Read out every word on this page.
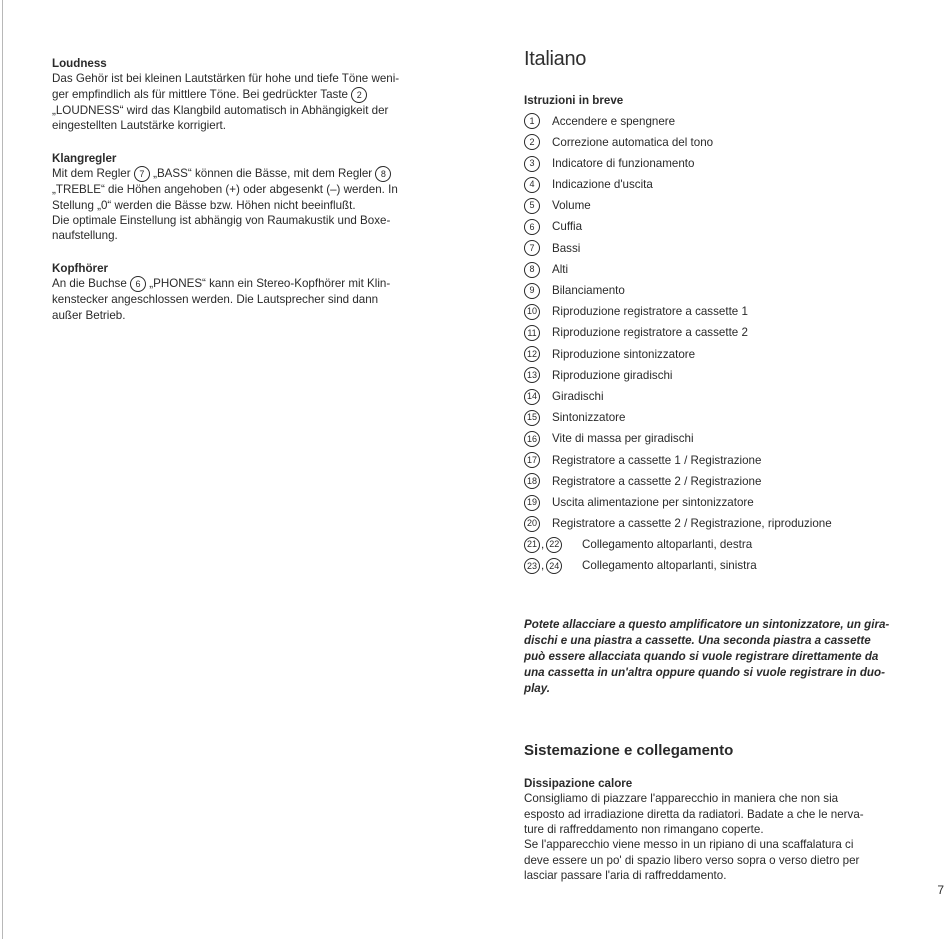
Loudness

Das Gehör ist bei kleinen Lautstärken für hohe und tiefe Töne weni-

ger empfindlich als für mittlere Töne. Bei gedrückter Taste 2

„LOUDNESS“ wird das Klangbild automatisch in Abhängigkeit der

eingestellten Lautstärke korrigiert.

Klangregler

Mit dem Regler 7 „BASS“ können die Bässe, mit dem Regler 8

„TREBLE“ die Höhen angehoben (+) oder abgesenkt (–) werden. In

Stellung „0“ werden die Bässe bzw. Höhen nicht beeinflußt.

Die optimale Einstellung ist abhängig von Raumakustik und Boxe-

naufstellung.

Kopfhörer

An die Buchse 6 „PHONES“ kann ein Stereo-Kopfhörer mit Klin-

kenstecker angeschlossen werden. Die Lautsprecher sind dann

außer Betrieb.

Italiano

Istruzioni in breve

1	Accendere e spengnere
2	Correzione automatica del tono
3	Indicatore di funzionamento
4	Indicazione d'uscita
5	Volume
6	Cuffia
7	Bassi
8	Alti
9	Bilanciamento
10 Riproduzione registratore a cassette 1
11 Riproduzione registratore a cassette 2
12 Riproduzione sintonizzatore
13 Riproduzione giradischi
14 Giradischi
15 Sintonizzatore
16 Vite di massa per giradischi
17 Registratore a cassette 1 / Registrazione
18 Registratore a cassette 2 / Registrazione
19 Uscita alimentazione per sintonizzatore
20 Registratore a cassette 2 / Registrazione, riproduzione
21 , 22 Collegamento altoparlanti, destra
23 , 24 Collegamento altoparlanti, sinistra

Potete allacciare a questo amplificatore un sintonizzatore, un gira-

dischi e una piastra a cassette. Una seconda piastra a cassette

può essere allacciata quando si vuole registrare direttamente da

una cassetta in un'altra oppure quando si vuole registrare in duo-

play.

Sistemazione e collegamento

Dissipazione calore

Consigliamo di piazzare l'apparecchio in maniera che non sia

esposto ad irradiazione diretta da radiatori. Badate a che le nerva-

ture di raffreddamento non rimangano coperte.

Se l'apparecchio viene messo in un ripiano di una scaffalatura ci

deve essere un po' di spazio libero verso sopra o verso dietro per

lasciar passare l'aria di raffreddamento.

7
